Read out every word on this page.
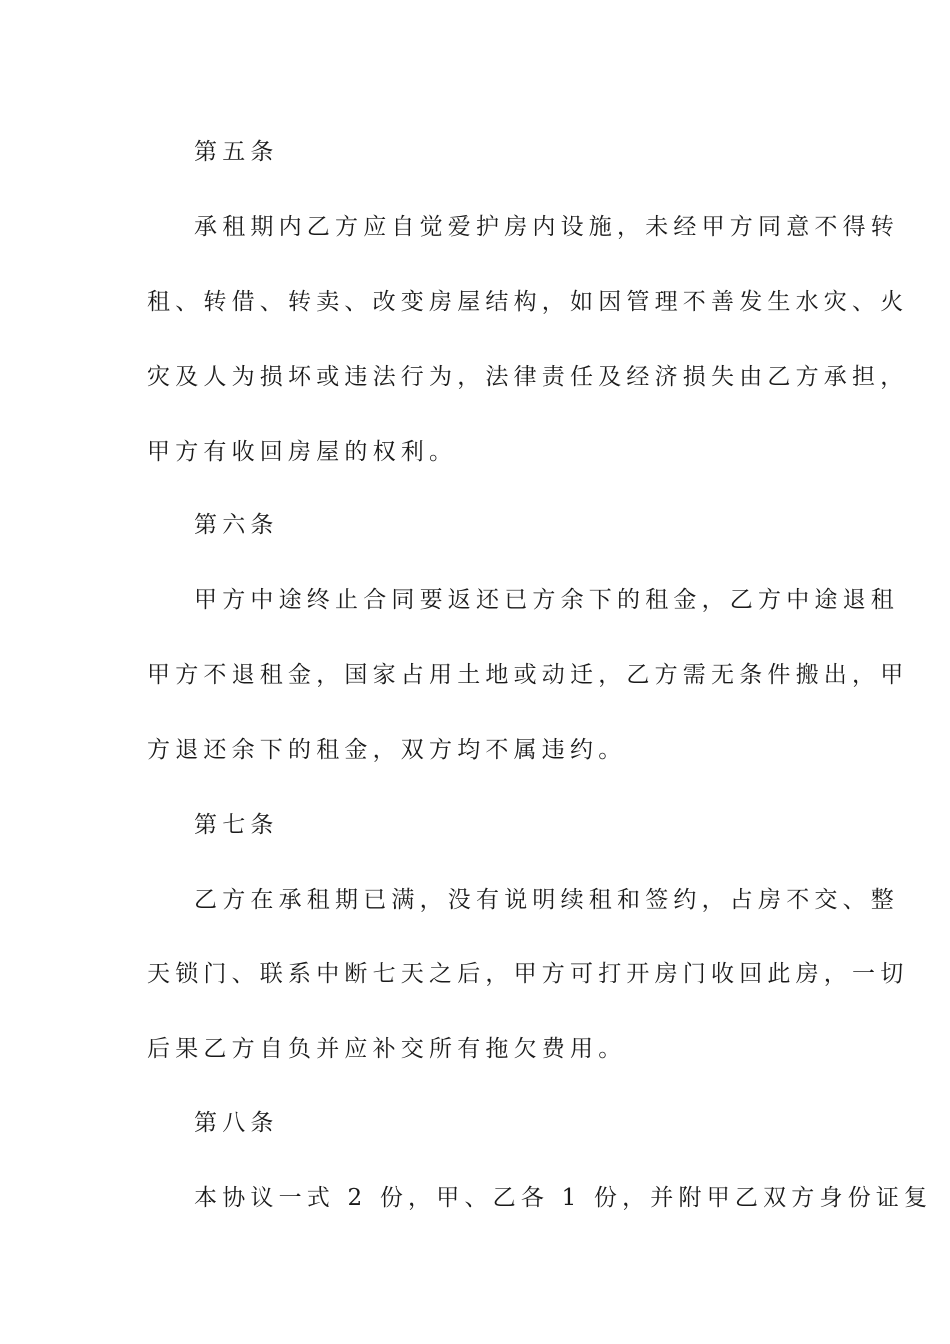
第五条
承租期内乙方应自觉爱护房内设施，未经甲方同意不得转
租、转借、转卖、改变房屋结构，如因管理不善发生水灾、火
灾及人为损坏或违法行为，法律责任及经济损失由乙方承担，
甲方有收回房屋的权利。
第六条
甲方中途终止合同要返还已方余下的租金，乙方中途退租
甲方不退租金，国家占用土地或动迁，乙方需无条件搬出，甲
方退还余下的租金，双方均不属违约。
第七条
乙方在承租期已满，没有说明续租和签约，占房不交、整
天锁门、联系中断七天之后，甲方可打开房门收回此房，一切
后果乙方自负并应补交所有拖欠费用。
第八条
本协议一式 2 份，甲、乙各 1 份，并附甲乙双方身份证复
